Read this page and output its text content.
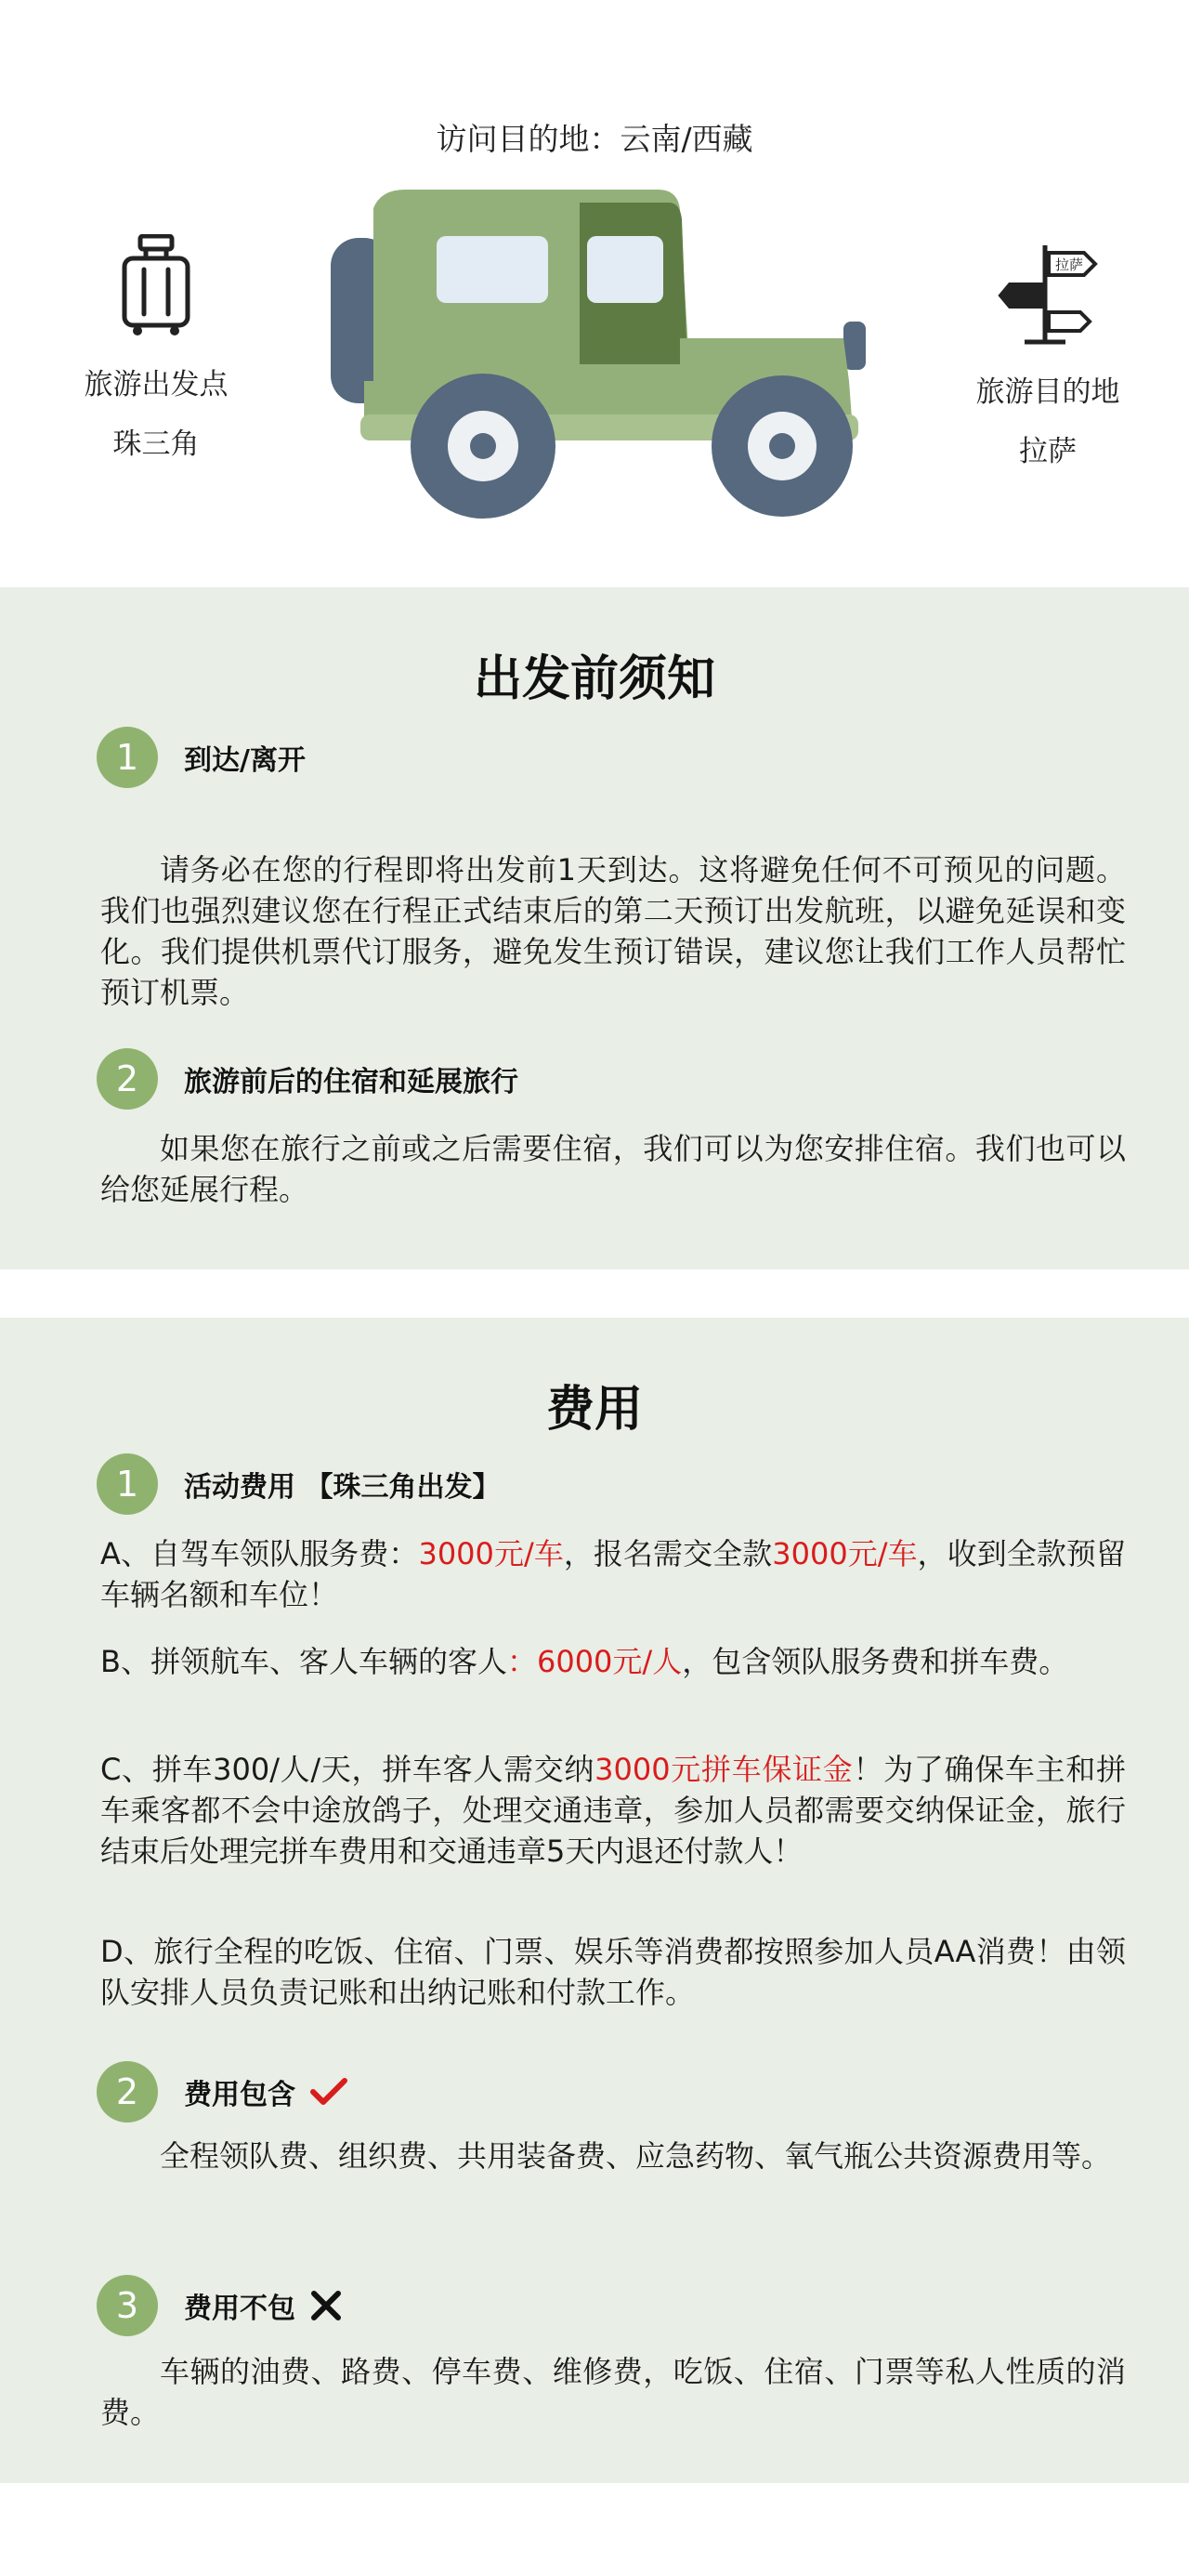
访问目的地：云南/西藏
旅游出发点
珠三角
拉萨
旅游目的地
拉萨
出发前须知
1	到达/离开

请务必在您的行程即将出发前1天到达。这将避免任何不可预见的问题。我们也强烈建议您在行程正式结束后的第二天预订出发航班，以避免延误和变化。我们提供机票代订服务，避免发生预订错误，建议您让我们工作人员帮忙预订机票。

2	旅游前后的住宿和延展旅行

如果您在旅行之前或之后需要住宿，我们可以为您安排住宿。我们也可以给您延展行程。

费用
1	活动费用 【珠三角出发】

A、自驾车领队服务费：3000元/车，报名需交全款3000元/车，收到全款预留车辆名额和车位！

B、拼领航车、客人车辆的客人：6000元/人，包含领队服务费和拼车费。

C、拼车300/人/天，拼车客人需交纳3000元拼车保证金！为了确保车主和拼车乘客都不会中途放鸽子，处理交通违章，参加人员都需要交纳保证金，旅行结束后处理完拼车费用和交通违章5天内退还付款人！

D、旅行全程的吃饭、住宿、门票、娱乐等消费都按照参加人员AA消费！由领队安排人员负责记账和出纳记账和付款工作。

2	费用包含

全程领队费、组织费、共用装备费、应急药物、氧气瓶公共资源费用等。

3	费用不包

车辆的油费、路费、停车费、维修费，吃饭、住宿、门票等私人性质的消费。
